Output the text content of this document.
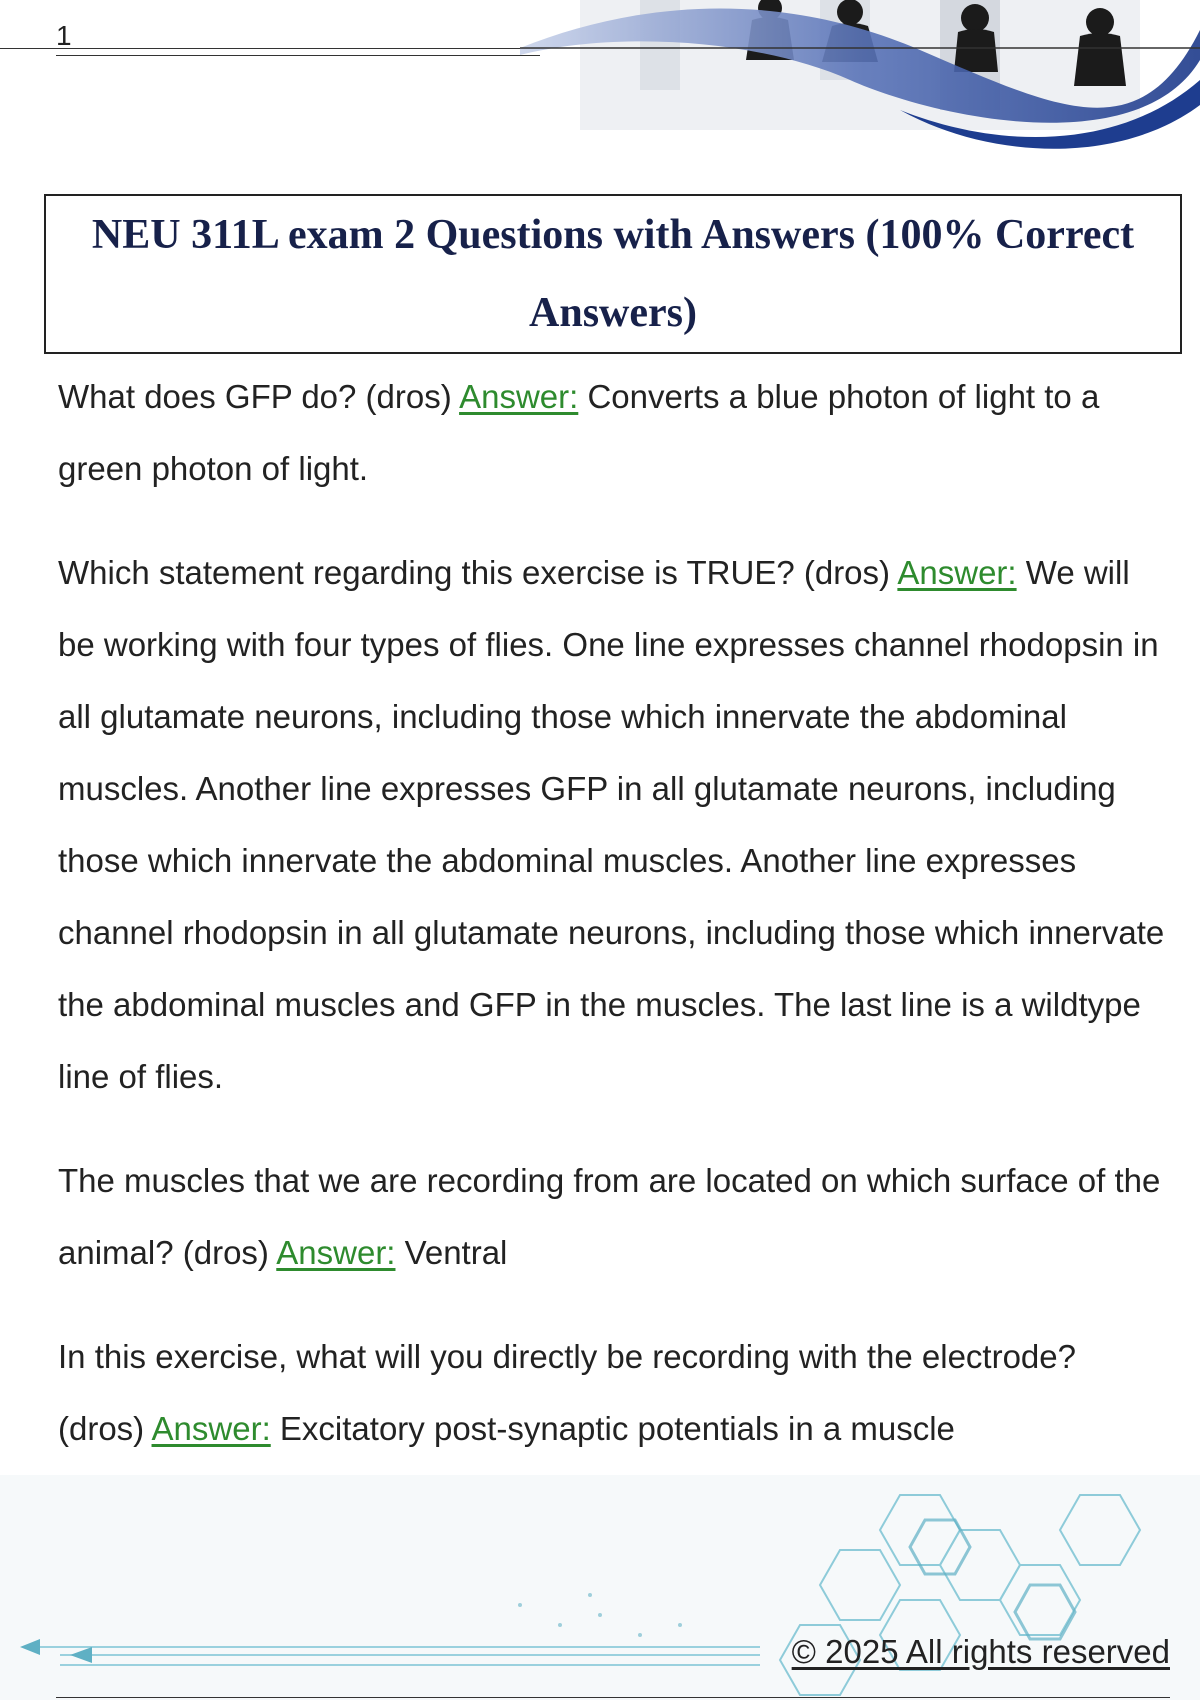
1
NEU 311L exam 2 Questions with Answers (100% Correct Answers)

What does GFP do? (dros) Answer: Converts a blue photon of light to a green photon of light.

Which statement regarding this exercise is TRUE? (dros) Answer: We will be working with four types of flies. One line expresses channel rhodopsin in all glutamate neurons, including those which innervate the abdominal muscles. Another line expresses GFP in all glutamate neurons, including those which innervate the abdominal muscles. Another line expresses channel rhodopsin in all glutamate neurons, including those which innervate the abdominal muscles and GFP in the muscles. The last line is a wildtype line of flies.

The muscles that we are recording from are located on which surface of the animal? (dros) Answer: Ventral

In this exercise, what will you directly be recording with the electrode? (dros) Answer: Excitatory post-synaptic potentials in a muscle

© 2025 All rights reserved
